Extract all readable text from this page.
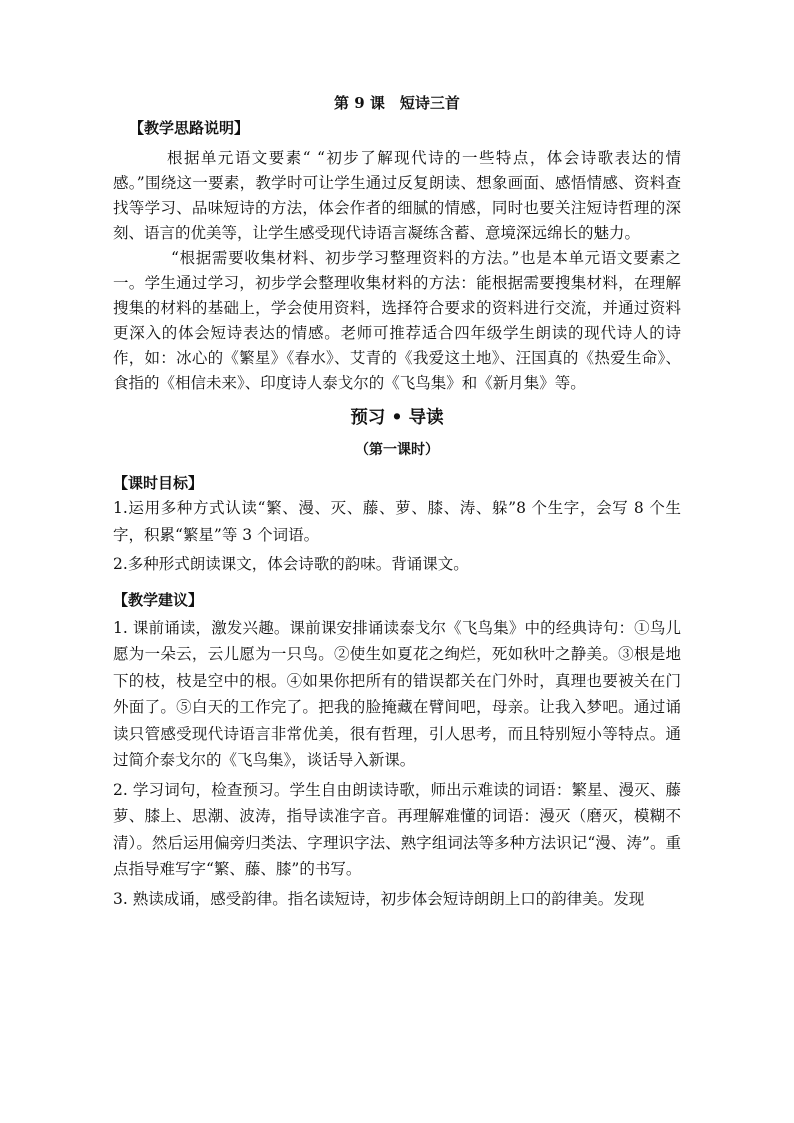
第 9 课　短诗三首

【教学思路说明】

根据单元语文要素“ “初步了解现代诗的一些特点，体会诗歌表达的情感。”围绕这一要素，教学时可让学生通过反复朗读、想象画面、感悟情感、资料查找等学习、品味短诗的方法，体会作者的细腻的情感，同时也要关注短诗哲理的深刻、语言的优美等，让学生感受现代诗语言凝练含蓄、意境深远绵长的魅力。

“根据需要收集材料、初步学习整理资料的方法。”也是本单元语文要素之一。学生通过学习，初步学会整理收集材料的方法：能根据需要搜集材料，在理解搜集的材料的基础上，学会使用资料，选择符合要求的资料进行交流，并通过资料更深入的体会短诗表达的情感。老师可推荐适合四年级学生朗读的现代诗人的诗作，如：冰心的《繁星》《春水》、艾青的《我爱这土地》、汪国真的《热爱生命》、食指的《相信未来》、印度诗人泰戈尔的《飞鸟集》和《新月集》等。

预习 • 导读

（第一课时）

【课时目标】

1.运用多种方式认读“繁、漫、灭、藤、萝、膝、涛、躲”8 个生字，会写 8 个生字，积累“繁星”等 3 个词语。

2.多种形式朗读课文，体会诗歌的韵味。背诵课文。

【教学建议】

1. 课前诵读，激发兴趣。课前课安排诵读泰戈尔《飞鸟集》中的经典诗句：①鸟儿愿为一朵云，云儿愿为一只鸟。②使生如夏花之绚烂，死如秋叶之静美。③根是地下的枝，枝是空中的根。④如果你把所有的错误都关在门外时，真理也要被关在门外面了。⑤白天的工作完了。把我的脸掩藏在臂间吧，母亲。让我入梦吧。通过诵读只管感受现代诗语言非常优美，很有哲理，引人思考，而且特别短小等特点。通过简介泰戈尔的《飞鸟集》，谈话导入新课。

2. 学习词句，检查预习。学生自由朗读诗歌，师出示难读的词语：繁星、漫灭、藤萝、膝上、思潮、波涛，指导读准字音。再理解难懂的词语：漫灭（磨灭，模糊不清）。然后运用偏旁归类法、字理识字法、熟字组词法等多种方法识记“漫、涛”。重点指导难写字“繁、藤、膝”的书写。

3. 熟读成诵，感受韵律。指名读短诗，初步体会短诗朗朗上口的韵律美。发现
